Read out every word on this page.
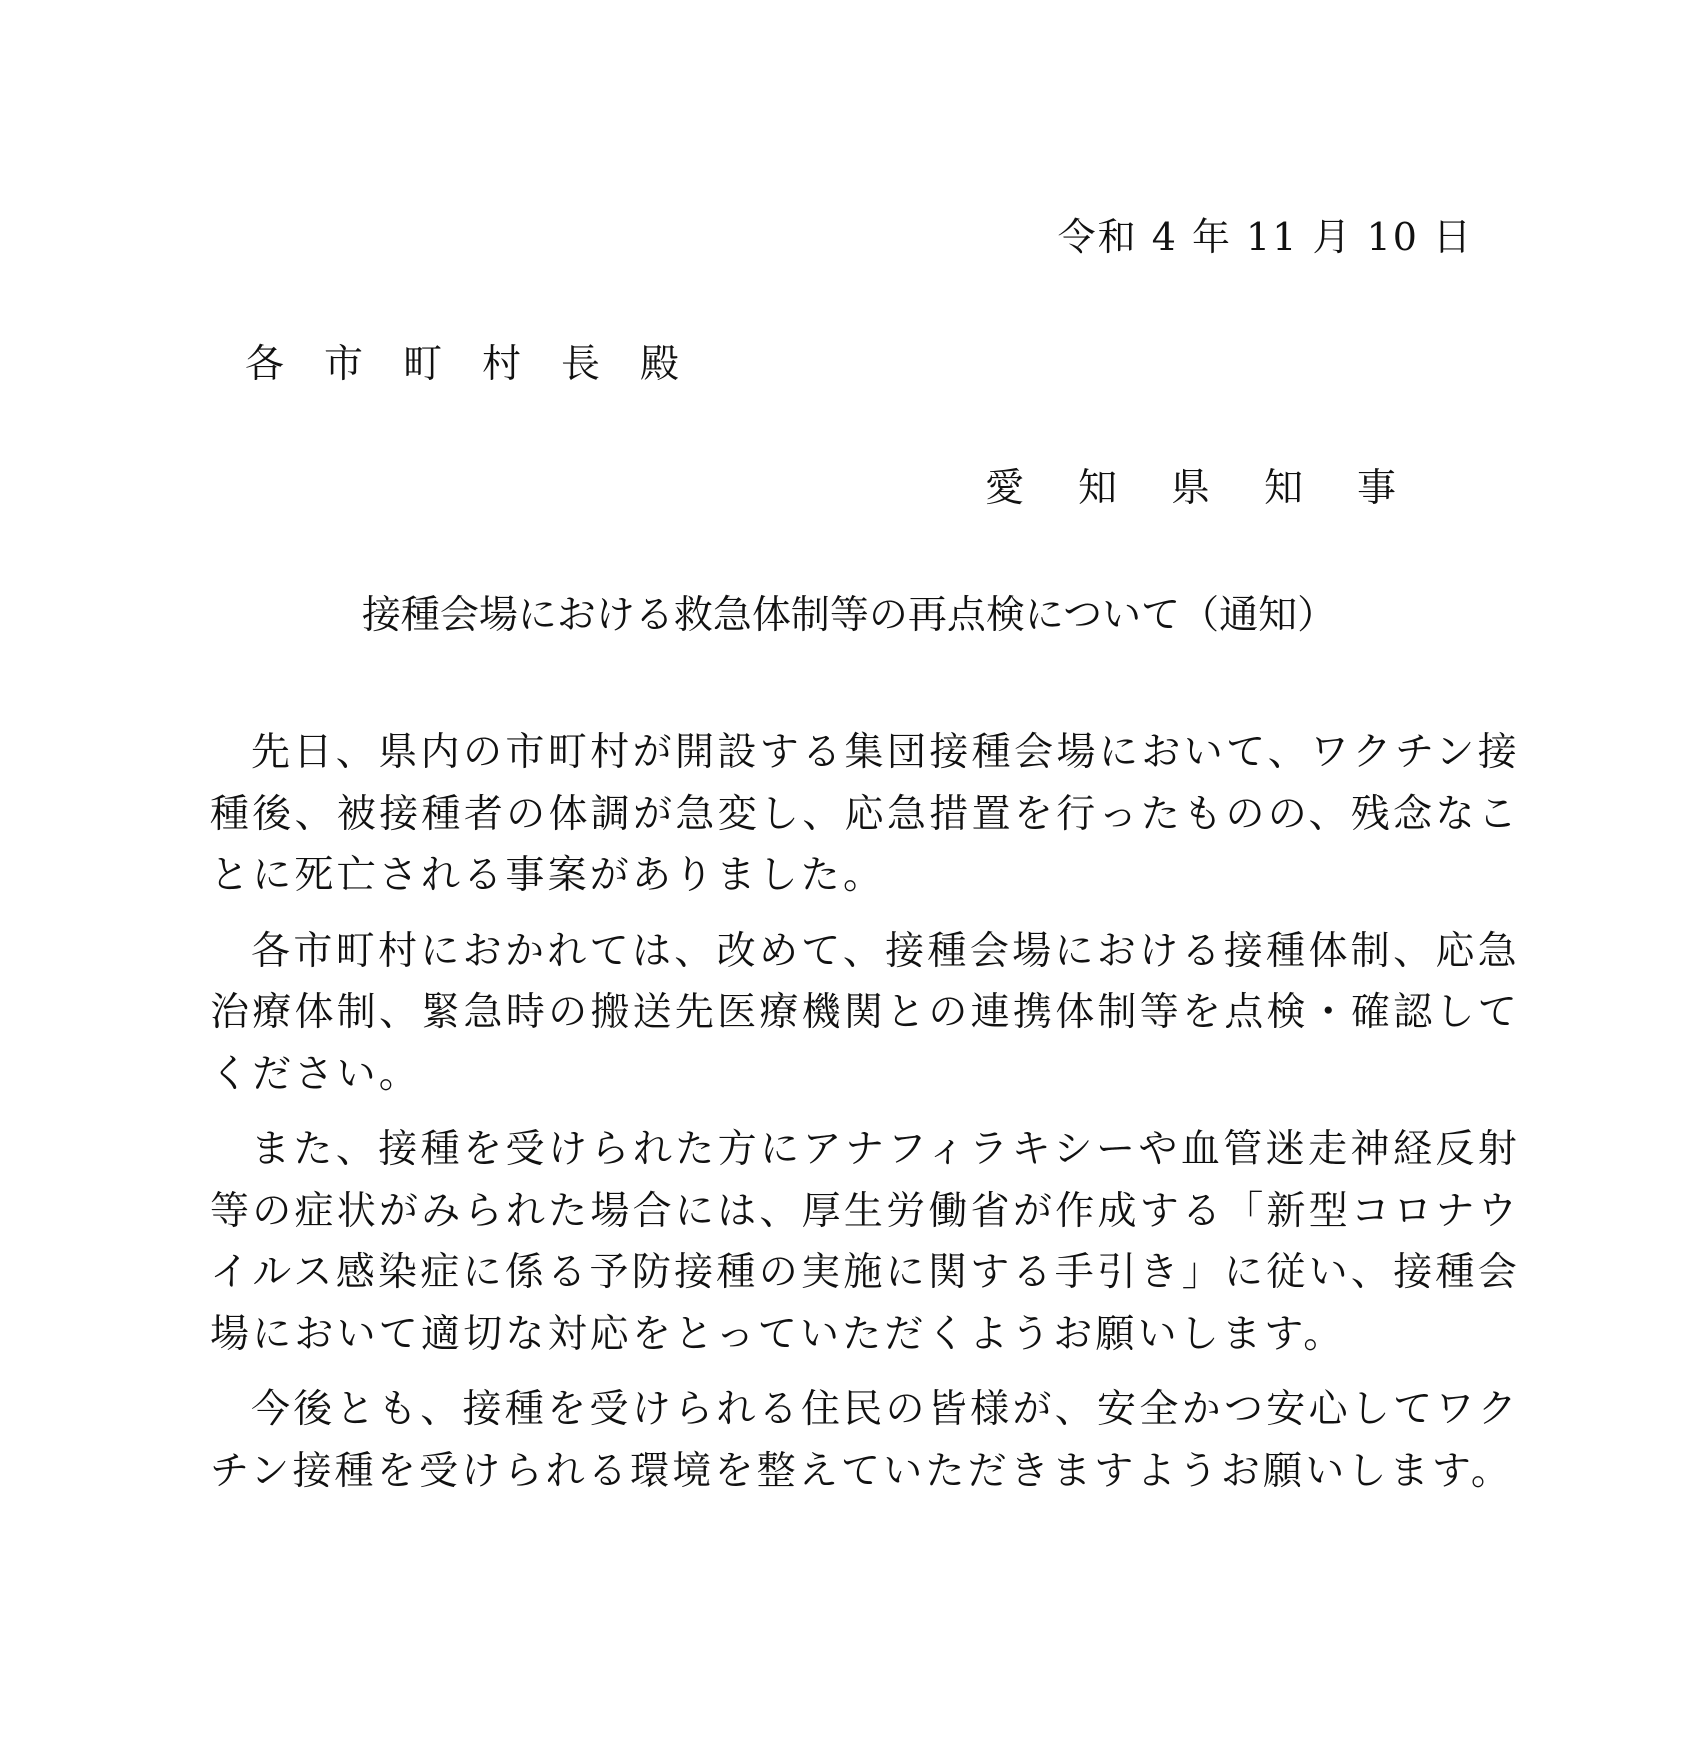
令和 4 年 11 月 10 日
各市町村長殿
愛知県知事
接種会場における救急体制等の再点検について（通知）

先日、県内の市町村が開設する集団接種会場において、ワクチン接種後、被接種者の体調が急変し、応急措置を行ったものの、残念なことに死亡される事案がありました。

各市町村におかれては、改めて、接種会場における接種体制、応急治療体制、緊急時の搬送先医療機関との連携体制等を点検・確認してください。

また、接種を受けられた方にアナフィラキシーや血管迷走神経反射等の症状がみられた場合には、厚生労働省が作成する「新型コロナウイルス感染症に係る予防接種の実施に関する手引き」に従い、接種会場において適切な対応をとっていただくようお願いします。

今後とも、接種を受けられる住民の皆様が、安全かつ安心してワクチン接種を受けられる環境を整えていただきますようお願いします。
